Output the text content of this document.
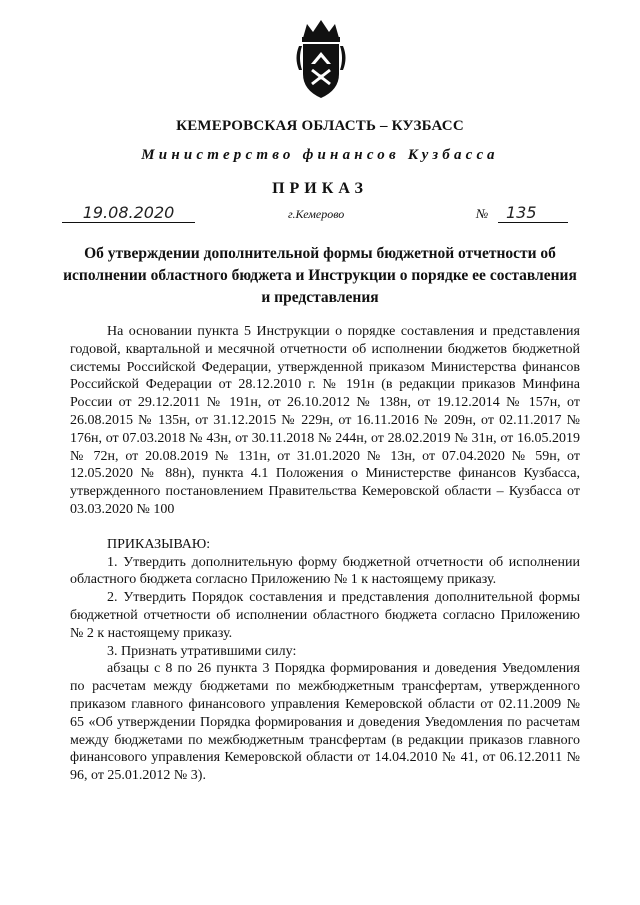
КЕМЕРОВСКАЯ ОБЛАСТЬ – КУЗБАСС
Министерство финансов Кузбасса
ПРИКАЗ
19.08.2020	г.Кемерово	№	135
Об утверждении дополнительной формы бюджетной отчетности об исполнении областного бюджета и Инструкции о порядке ее составления и представления

На основании пункта 5 Инструкции о порядке составления и представления годовой, квартальной и месячной отчетности об исполнении бюджетов бюджетной системы Российской Федерации, утвержденной приказом Министерства финансов Российской Федерации от 28.12.2010 г. № 191н (в редакции приказов Минфина России от 29.12.2011 № 191н, от 26.10.2012 № 138н, от 19.12.2014 № 157н, от 26.08.2015 № 135н, от 31.12.2015 № 229н, от 16.11.2016 № 209н, от 02.11.2017 № 176н, от 07.03.2018 № 43н, от 30.11.2018 № 244н, от 28.02.2019 № 31н, от 16.05.2019 № 72н, от 20.08.2019 № 131н, от 31.01.2020 № 13н, от 07.04.2020 № 59н, от 12.05.2020 № 88н), пункта 4.1 Положения о Министерстве финансов Кузбасса, утвержденного постановлением Правительства Кемеровской области – Кузбасса от 03.03.2020 № 100

ПРИКАЗЫВАЮ:

1. Утвердить дополнительную форму бюджетной отчетности об исполнении областного бюджета согласно Приложению № 1 к настоящему приказу.

2. Утвердить Порядок составления и представления дополнительной формы бюджетной отчетности об исполнении областного бюджета согласно Приложению № 2 к настоящему приказу.

3. Признать утратившими силу:

абзацы с 8 по 26 пункта 3 Порядка формирования и доведения Уведомления по расчетам между бюджетами по межбюджетным трансфертам, утвержденного приказом главного финансового управления Кемеровской области от 02.11.2009 № 65 «Об утверждении Порядка формирования и доведения Уведомления по расчетам между бюджетами по межбюджетным трансфертам (в редакции приказов главного финансового управления Кемеровской области от 14.04.2010 № 41, от 06.12.2011 № 96, от 25.01.2012 № 3).
